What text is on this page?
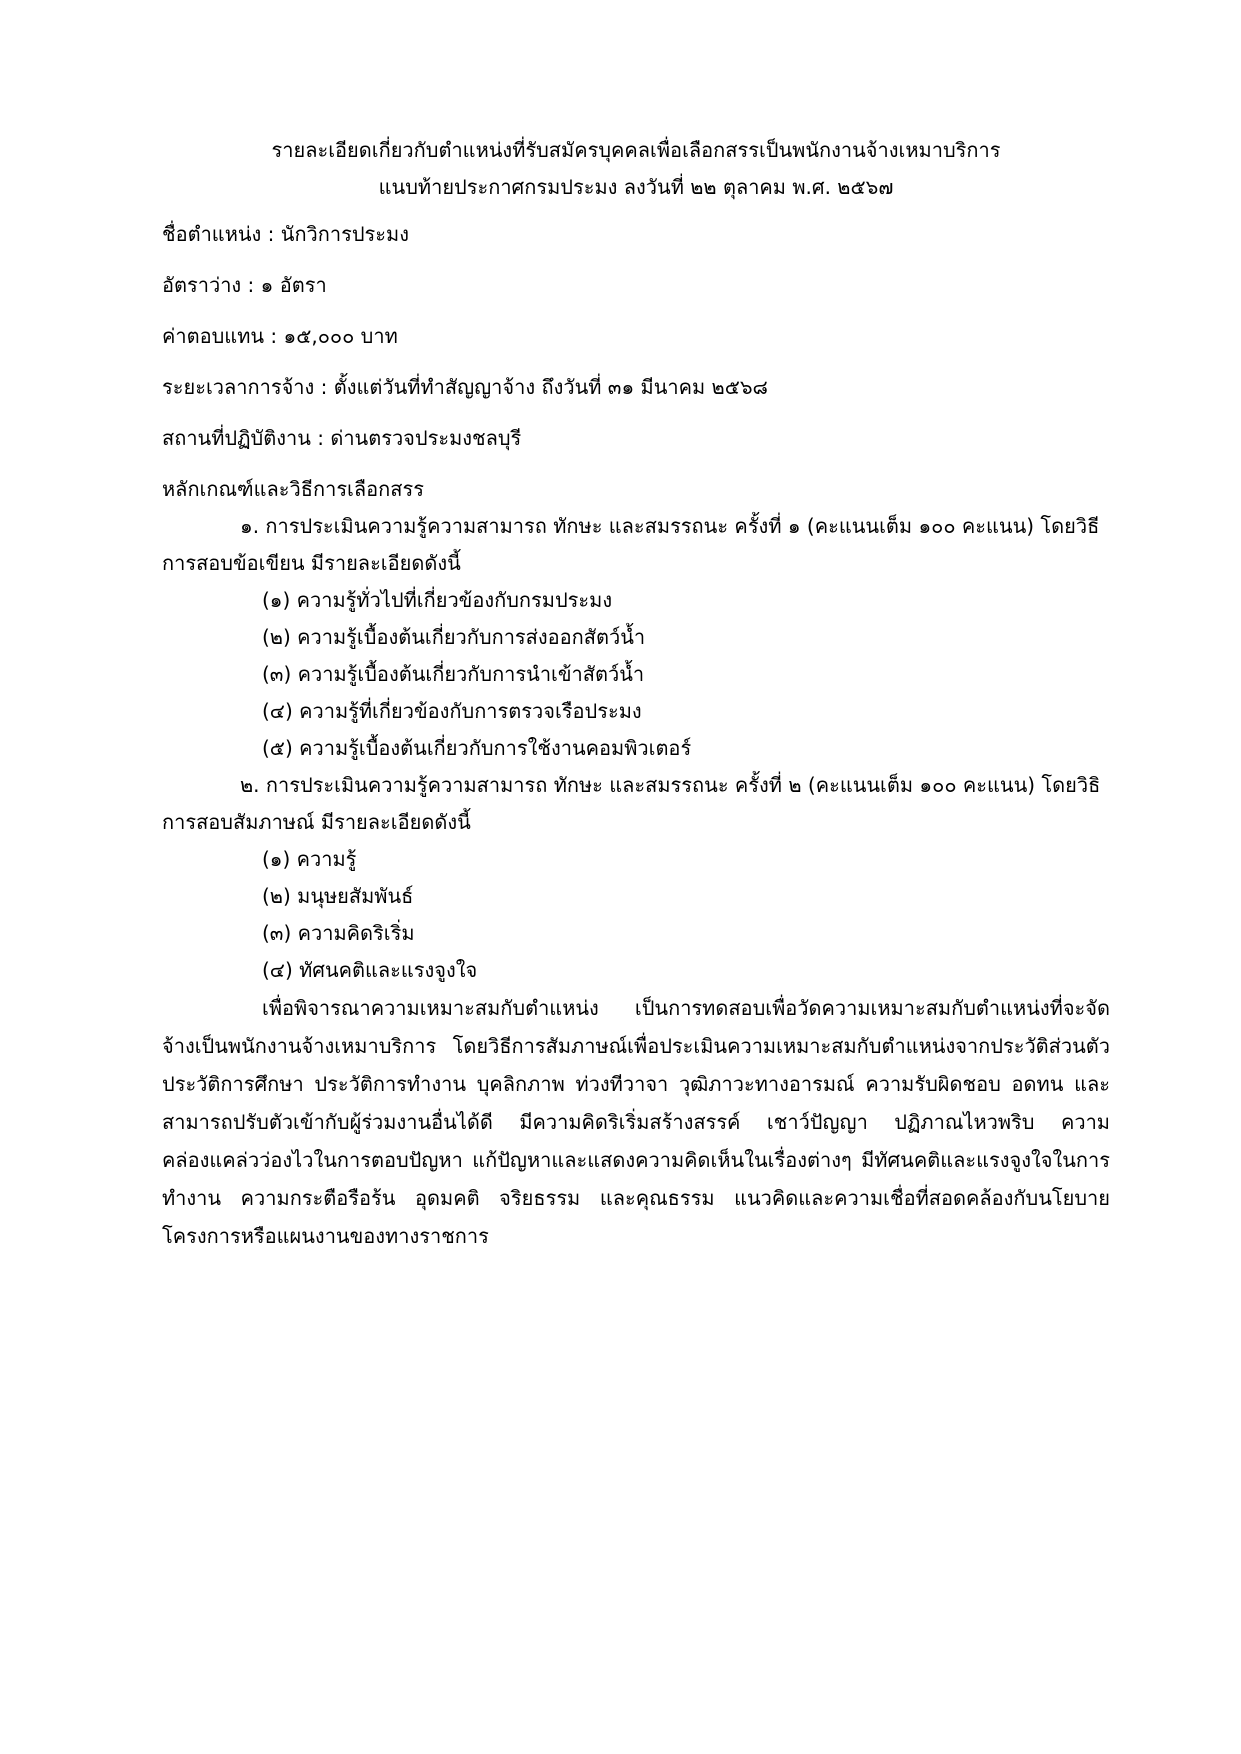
รายละเอียดเกี่ยวกับตำแหน่งที่รับสมัครบุคคลเพื่อเลือกสรรเป็นพนักงานจ้างเหมาบริการ

แนบท้ายประกาศกรมประมง ลงวันที่ ๒๒ ตุลาคม พ.ศ. ๒๕๖๗

ชื่อตำแหน่ง : นักวิการประมง

อัตราว่าง : ๑ อัตรา

ค่าตอบแทน : ๑๕,๐๐๐ บาท

ระยะเวลาการจ้าง : ตั้งแต่วันที่ทำสัญญาจ้าง ถึงวันที่ ๓๑ มีนาคม ๒๕๖๘

สถานที่ปฏิบัติงาน : ด่านตรวจประมงชลบุรี

หลักเกณฑ์และวิธีการเลือกสรร

๑. การประเมินความรู้ความสามารถ ทักษะ และสมรรถนะ ครั้งที่ ๑ (คะแนนเต็ม ๑๐๐ คะแนน) โดยวิธีการสอบข้อเขียน มีรายละเอียดดังนี้

(๑) ความรู้ทั่วไปที่เกี่ยวข้องกับกรมประมง
(๒) ความรู้เบื้องต้นเกี่ยวกับการส่งออกสัตว์น้ำ
(๓) ความรู้เบื้องต้นเกี่ยวกับการนำเข้าสัตว์น้ำ
(๔) ความรู้ที่เกี่ยวข้องกับการตรวจเรือประมง
(๕) ความรู้เบื้องต้นเกี่ยวกับการใช้งานคอมพิวเตอร์

๒. การประเมินความรู้ความสามารถ ทักษะ และสมรรถนะ ครั้งที่ ๒ (คะแนนเต็ม ๑๐๐ คะแนน) โดยวิธิการสอบสัมภาษณ์ มีรายละเอียดดังนี้

(๑) ความรู้
(๒) มนุษยสัมพันธ์
(๓) ความคิดริเริ่ม
(๔) ทัศนคติและแรงจูงใจ

เพื่อพิจารณาความเหมาะสมกับตำแหน่ง เป็นการทดสอบเพื่อวัดความเหมาะสมกับตำแหน่งที่จะจัดจ้างเป็นพนักงานจ้างเหมาบริการ โดยวิธีการสัมภาษณ์เพื่อประเมินความเหมาะสมกับตำแหน่งจากประวัติส่วนตัว ประวัติการศึกษา ประวัติการทำงาน บุคลิกภาพ ท่วงทีวาจา วุฒิภาวะทางอารมณ์ ความรับผิดชอบ อดทน และสามารถปรับตัวเข้ากับผู้ร่วมงานอื่นได้ดี มีความคิดริเริ่มสร้างสรรค์ เชาว์ปัญญา ปฏิภาณไหวพริบ ความคล่องแคล่วว่องไวในการตอบปัญหา แก้ปัญหาและแสดงความคิดเห็นในเรื่องต่างๆ มีทัศนคติและแรงจูงใจในการทำงาน ความกระตือรือร้น อุดมคติ จริยธรรม และคุณธรรม แนวคิดและความเชื่อที่สอดคล้องกับนโยบายโครงการหรือแผนงานของทางราชการ
